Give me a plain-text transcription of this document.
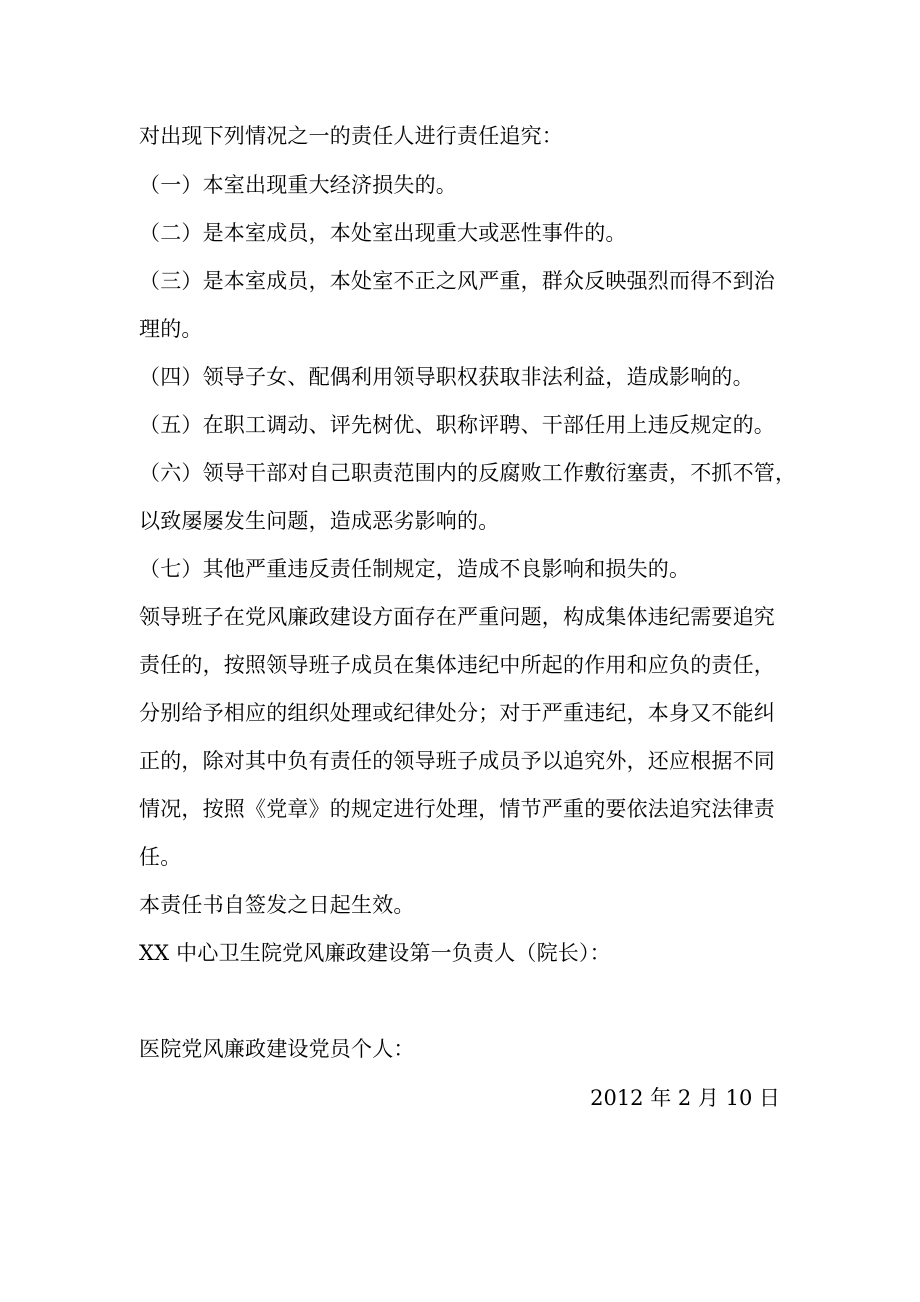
对出现下列情况之一的责任人进行责任追究：
（一）本室出现重大经济损失的。
（二）是本室成员，本处室出现重大或恶性事件的。
（三）是本室成员，本处室不正之风严重，群众反映强烈而得不到治
理的。
（四）领导子女、配偶利用领导职权获取非法利益，造成影响的。
（五）在职工调动、评先树优、职称评聘、干部任用上违反规定的。
（六）领导干部对自己职责范围内的反腐败工作敷衍塞责，不抓不管，
以致屡屡发生问题，造成恶劣影响的。
（七）其他严重违反责任制规定，造成不良影响和损失的。
领导班子在党风廉政建设方面存在严重问题，构成集体违纪需要追究
责任的，按照领导班子成员在集体违纪中所起的作用和应负的责任，
分别给予相应的组织处理或纪律处分；对于严重违纪，本身又不能纠
正的，除对其中负有责任的领导班子成员予以追究外，还应根据不同
情况，按照《党章》的规定进行处理，情节严重的要依法追究法律责
任。
本责任书自签发之日起生效。
XX 中心卫生院党风廉政建设第一负责人（院长）：
医院党风廉政建设党员个人：
2012 年 2 月 10 日
